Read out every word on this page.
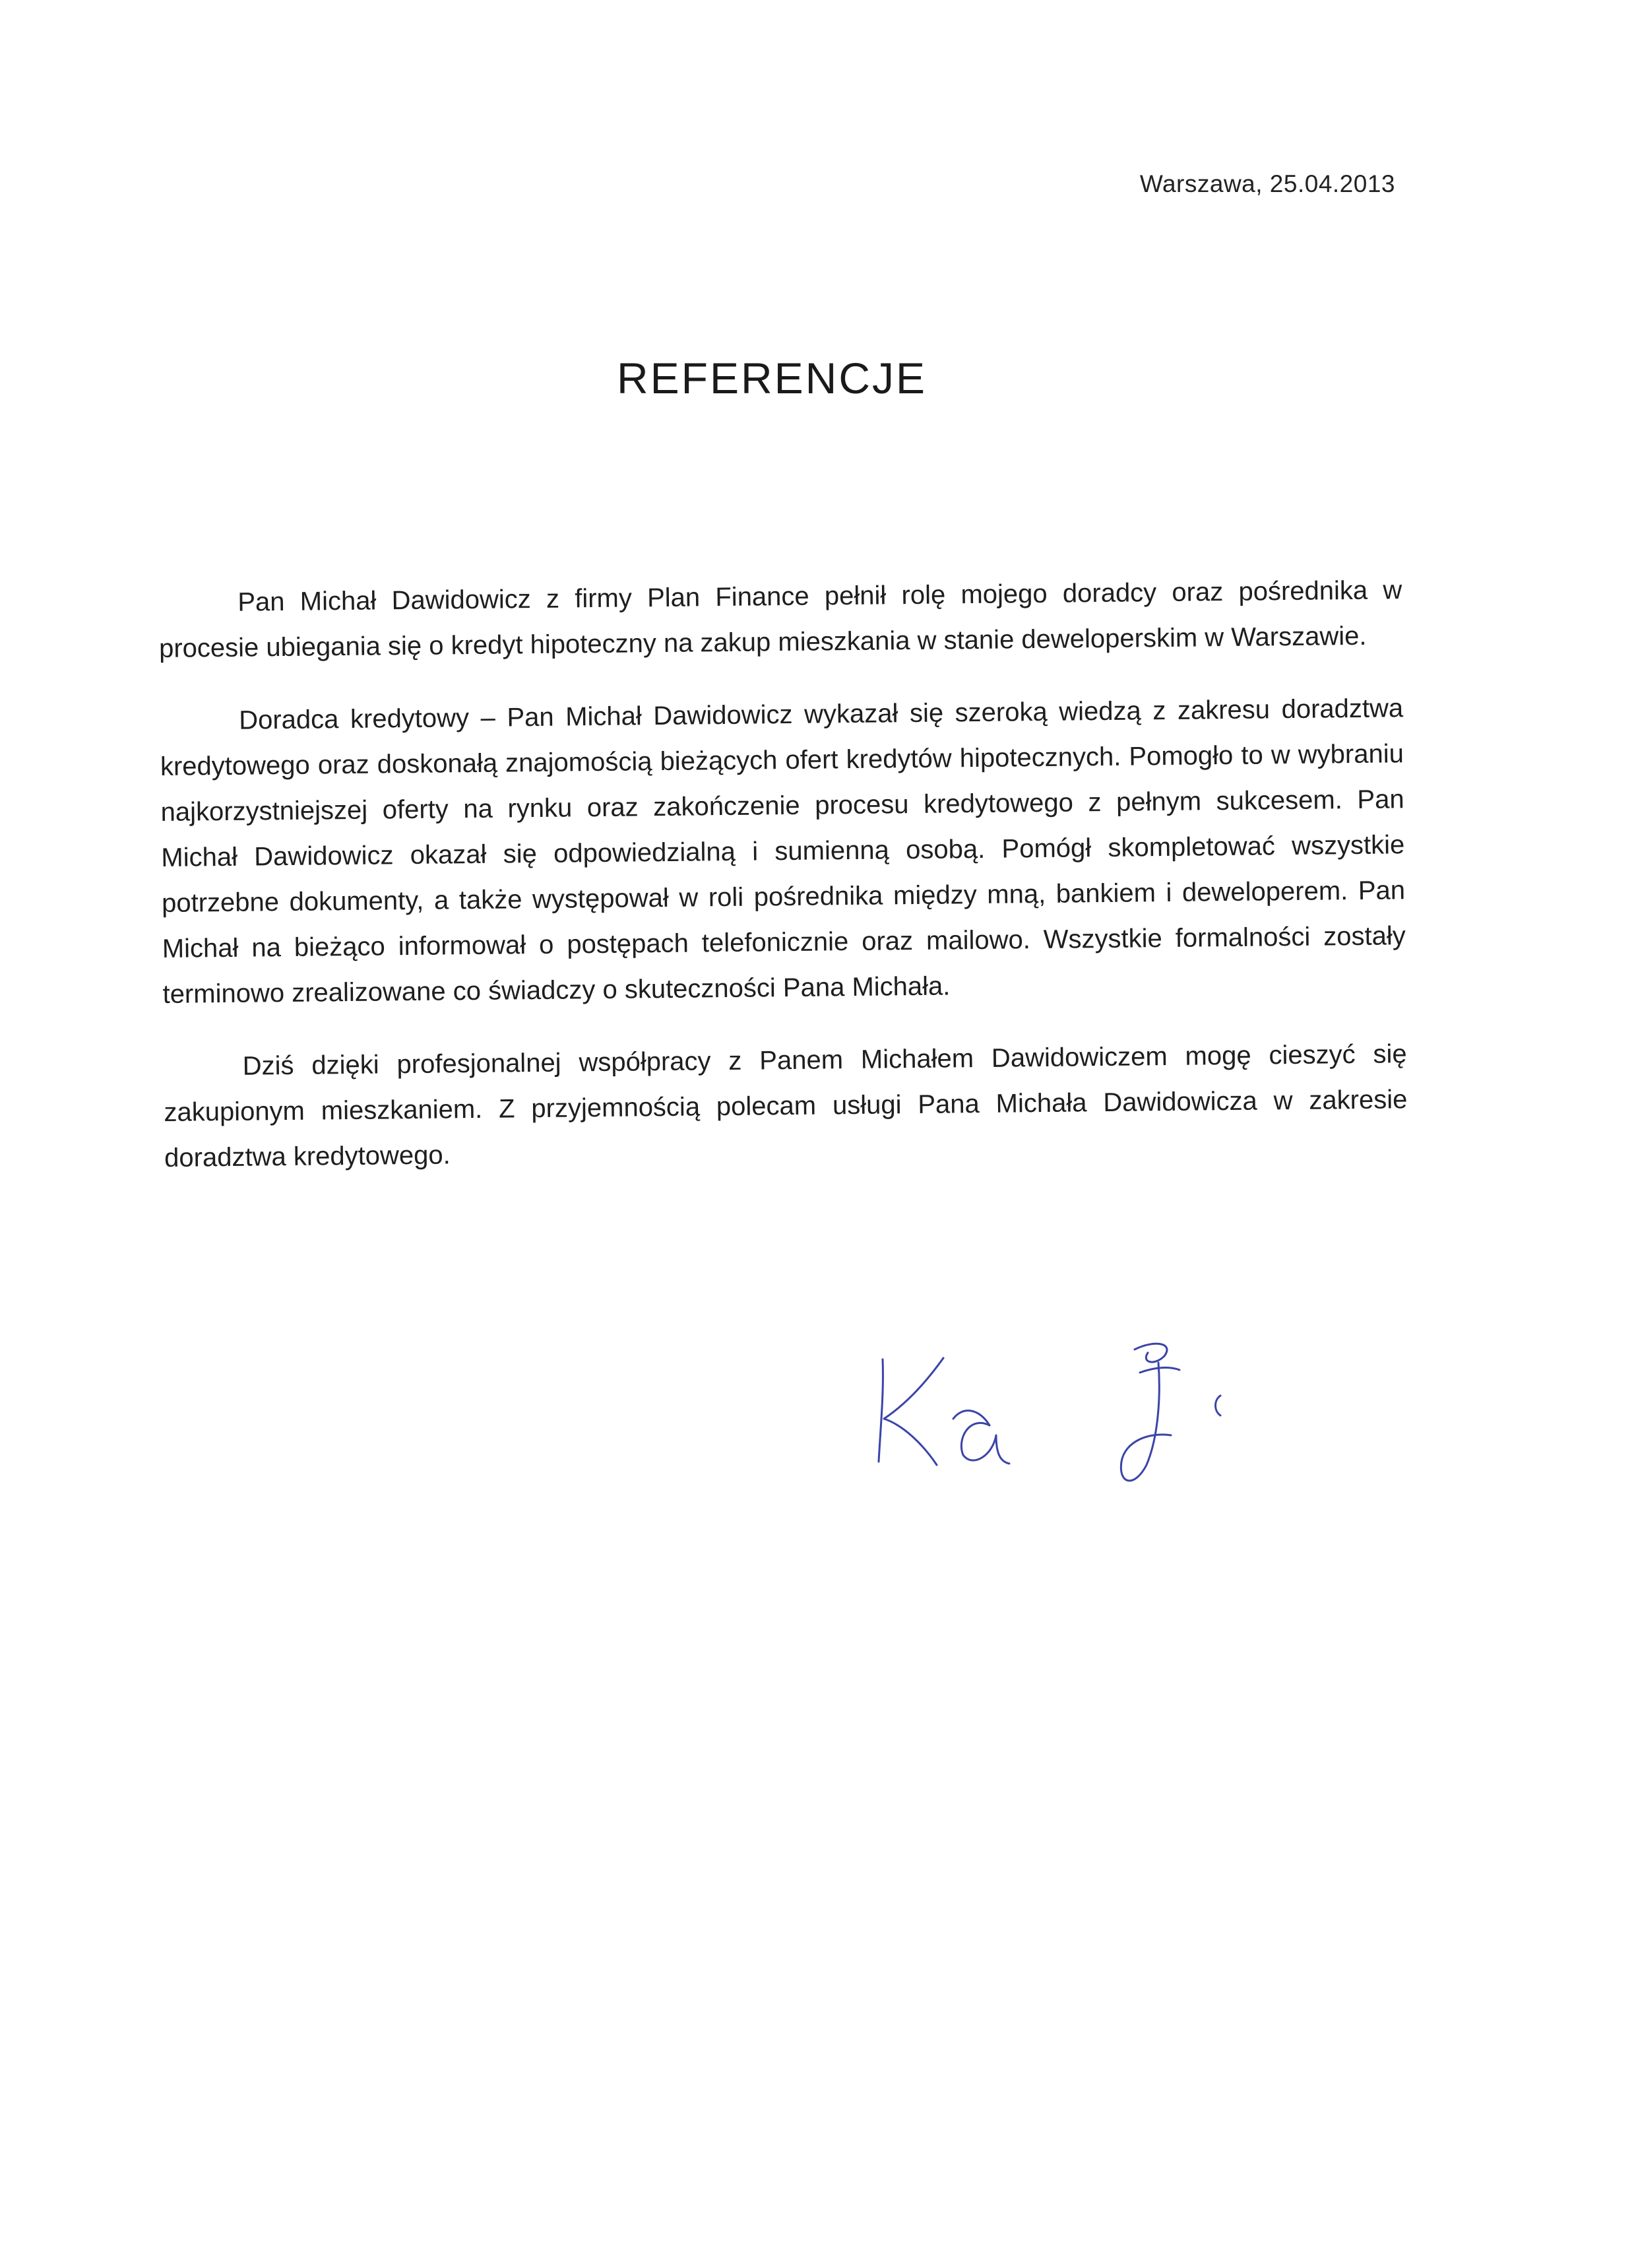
Warszawa, 25.04.2013
REFERENCJE

Pan Michał Dawidowicz z firmy Plan Finance pełnił rolę mojego doradcy oraz pośrednika w procesie ubiegania się o kredyt hipoteczny na zakup mieszkania w stanie deweloperskim w Warszawie.

Doradca kredytowy – Pan Michał Dawidowicz wykazał się szeroką wiedzą z zakresu doradztwa kredytowego oraz doskonałą znajomością bieżących ofert kredytów hipotecznych. Pomogło to w wybraniu najkorzystniejszej oferty na rynku oraz zakończenie procesu kredytowego z pełnym sukcesem. Pan Michał Dawidowicz okazał się odpowiedzialną i sumienną osobą. Pomógł skompletować wszystkie potrzebne dokumenty, a także występował w roli pośrednika między mną, bankiem i deweloperem. Pan Michał na bieżąco informował o postępach telefonicznie oraz mailowo. Wszystkie formalności zostały terminowo zrealizowane co świadczy o skuteczności Pana Michała.

Dziś dzięki profesjonalnej współpracy z Panem Michałem Dawidowiczem mogę cieszyć się zakupionym mieszkaniem. Z przyjemnością polecam usługi Pana Michała Dawidowicza w zakresie doradztwa kredytowego.
